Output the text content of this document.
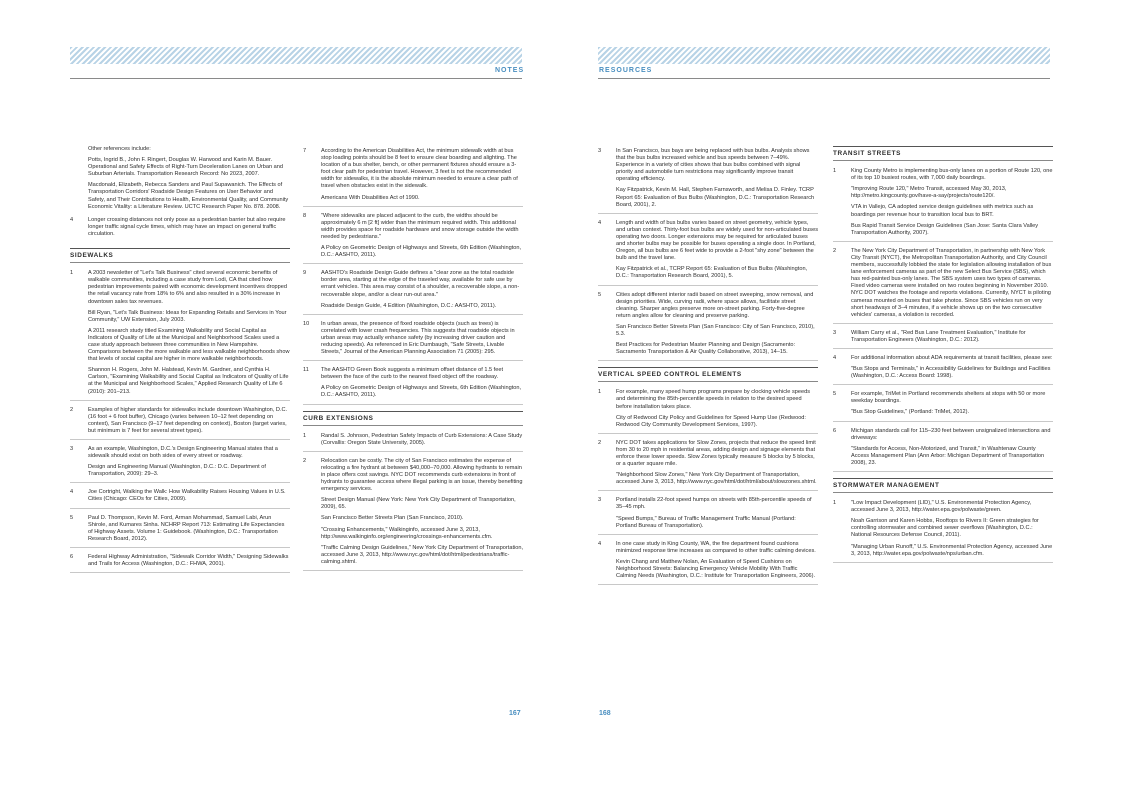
NOTES	RESOURCES

Other references include:

Potts, Ingrid B., John F. Ringert, Douglas W. Harwood and Karin M. Bauer. Operational and Safety Effects of Right-Turn Deceleration Lanes on Urban and Suburban Arterials. Transportation Research Record: No 2023, 2007.

Macdonald, Elizabeth, Rebecca Sanders and Paul Supawanich. The Effects of Transportation Corridors' Roadside Design Features on User Behavior and Safety, and Their Contributions to Health, Environmental Quality, and Community Economic Vitality: a Literature Review. UCTC Research Paper No. 878. 2008.

4	Longer crossing distances not only pose as a pedestrian barrier but also require longer traffic signal cycle times, which may have an impact on general traffic circulation.

SIDEWALKS
1	A 2003 newsletter of "Let's Talk Business" cited several economic benefits of walkable communities, including a case study from Lodi, CA that cited how pedestrian improvements paired with economic development incentives dropped the retail vacancy rate from 18% to 6% and also resulted in a 30% increase in downtown sales tax revenues.

Bill Ryan, "Let's Talk Business: Ideas for Expanding Retails and Services in Your Community," UW Extension, July 2003.

A 2011 research study titled Examining Walkability and Social Capital as Indicators of Quality of Life at the Municipal and Neighborhood Scales used a case study approach between three communities in New Hampshire. Comparisons between the more walkable and less walkable neighborhoods show that levels of social capital are higher in more walkable neighborhoods.

Shannon H. Rogers, John M. Halstead, Kevin M. Gardner, and Cynthia H. Carlson, "Examining Walkability and Social Capital as Indicators of Quality of Life at the Municipal and Neighborhood Scales," Applied Research Quality of Life 6 (2010): 201–213.

2	Examples of higher standards for sidewalks include downtown Washington, D.C. (16 foot + 6 foot buffer), Chicago (varies between 10–12 feet depending on context), San Francisco (9–17 feet depending on context), Boston (target varies, but minimum is 7 feet for several street types).

3	As an example, Washington, D.C.'s Design Engineering Manual states that a sidewalk should exist on both sides of every street or roadway.

Design and Engineering Manual (Washington, D.C.: D.C. Department of Transportation, 2009): 29–3.

4	Joe Cortright, Walking the Walk: How Walkability Raises Housing Values in U.S. Cities (Chicago: CEOs for Cities, 2009).

5	Paul D. Thompson, Kevin M. Ford, Arman Mohammad, Samuel Labi, Arun Shirole, and Kumares Sinha. NCHRP Report 713: Estimating Life Expectancies of Highway Assets. Volume 1: Guidebook. (Washington, D.C.: Transportation Research Board, 2012).

6	Federal Highway Administration, "Sidewalk Corridor Width," Designing Sidewalks and Trails for Access (Washington, D.C.: FHWA, 2001).

7	According to the American Disabilities Act, the minimum sidewalk width at bus stop loading points should be 8 feet to ensure clear boarding and alighting. The location of a bus shelter, bench, or other permanent fixtures should ensure a 3-foot clear path for pedestrian travel. However, 3 feet is not the recommended width for sidewalks, it is the absolute minimum needed to ensure a clear path of travel when obstacles exist in the sidewalk.

Americans With Disabilities Act of 1990.

8	"Where sidewalks are placed adjacent to the curb, the widths should be approximately 6 m [2 ft] wider than the minimum required width. This additional width provides space for roadside hardware and snow storage outside the width needed by pedestrians."

A Policy on Geometric Design of Highways and Streets, 6th Edition (Washington, D.C.: AASHTO, 2011).

9	AASHTO's Roadside Design Guide defines a "clear zone as the total roadside border area, starting at the edge of the traveled way, available for safe use by errant vehicles. This area may consist of a shoulder, a recoverable slope, a non-recoverable slope, and/or a clear run-out area."

Roadside Design Guide, 4 Edition (Washington, D.C.: AASHTO, 2011).

10	In urban areas, the presence of fixed roadside objects (such as trees) is correlated with lower crash frequencies. This suggests that roadside objects in urban areas may actually enhance safety (by increasing driver caution and reducing speeds). As referenced in Eric Dumbaugh, "Safe Streets, Livable Streets," Journal of the American Planning Association 71 (2005): 295.

11	The AASHTO Green Book suggests a minimum offset distance of 1.5 feet between the face of the curb to the nearest fixed object off the roadway.

A Policy on Geometric Design of Highways and Streets, 6th Edition (Washington, D.C.: AASHTO, 2011).

CURB EXTENSIONS
1	Randal S. Johnson, Pedestrian Safety Impacts of Curb Extensions: A Case Study (Corvallis: Oregon State University, 2005).

2	Relocation can be costly. The city of San Francisco estimates the expense of relocating a fire hydrant at between $40,000–70,000. Allowing hydrants to remain in place offers cost savings. NYC DOT recommends curb extensions in front of hydrants to guarantee access where illegal parking is an issue, thereby benefiting emergency services.

Street Design Manual (New York: New York City Department of Transportation, 2009), 65.

San Francisco Better Streets Plan (San Francisco, 2010).

"Crossing Enhancements," Walkinginfo, accessed June 3, 2013, http://www.walkinginfo.org/engineering/crossings-enhancements.cfm.

"Traffic Calming Design Guidelines," New York City Department of Transportation, accessed June 3, 2013, http://www.nyc.gov/html/dot/html/pedestrians/traffic-calming.shtml.

3	In San Francisco, bus bays are being replaced with bus bulbs. Analysis shows that the bus bulbs increased vehicle and bus speeds between 7–49%. Experience in a variety of cities shows that bus bulbs combined with signal priority and automobile turn restrictions may significantly improve transit operating efficiency.

Kay Fitzpatrick, Kevin M. Hall, Stephen Farnsworth, and Melisa D. Finley. TCRP Report 65: Evaluation of Bus Bulbs (Washington, D.C.: Transportation Research Board, 2001), 2.

4	Length and width of bus bulbs varies based on street geometry, vehicle types, and urban context. Thirty-foot bus bulbs are widely used for non-articulated buses operating two doors. Longer extensions may be required for articulated buses and shorter bulbs may be possible for buses operating a single door. In Portland, Oregon, all bus bulbs are 6 feet wide to provide a 2-foot "shy zone" between the bulb and the travel lane.

Kay Fitzpatrick et al., TCRP Report 65: Evaluation of Bus Bulbs (Washington, D.C.: Transportation Research Board, 2001), 5.

5	Cities adopt different interior radii based on street sweeping, snow removal, and design priorities. Wide, curving radii, where space allows, facilitate street cleaning. Sharper angles preserve more on-street parking. Forty-five-degree return angles allow for cleaning and preserve parking.

San Francisco Better Streets Plan (San Francisco: City of San Francisco, 2010), 5.3.

Best Practices for Pedestrian Master Planning and Design (Sacramento: Sacramento Transportation & Air Quality Collaborative, 2013), 14–15.

VERTICAL SPEED CONTROL ELEMENTS
1	For example, many speed hump programs prepare by clocking vehicle speeds and determining the 85th-percentile speeds in relation to the desired speed before installation takes place.

City of Redwood City Policy and Guidelines for Speed Hump Use (Redwood: Redwood City Community Development Services, 1997).

2	NYC DOT takes applications for Slow Zones, projects that reduce the speed limit from 30 to 20 mph in residential areas, adding design and signage elements that enforce these lower speeds. Slow Zones typically measure 5 blocks by 5 blocks, or a quarter square mile.

"Neighborhood Slow Zones," New York City Department of Transportation, accessed June 3, 2013, http://www.nyc.gov/html/dot/html/about/slowzones.shtml.

3	Portland installs 22-foot speed humps on streets with 85th-percentile speeds of 35–45 mph.

"Speed Bumps," Bureau of Traffic Management Traffic Manual (Portland: Portland Bureau of Transportation).

4	In one case study in King County, WA, the fire department found cushions minimized response time increases as compared to other traffic calming devices.

Kevin Chang and Matthew Nolan, An Evaluation of Speed Cushions on Neighborhood Streets: Balancing Emergency Vehicle Mobility With Traffic Calming Needs (Washington, D.C.: Institute for Transportation Engineers, 2006).

TRANSIT STREETS
1	King County Metro is implementing bus-only lanes on a portion of Route 120, one of its top 10 busiest routes, with 7,000 daily boardings.

"Improving Route 120," Metro Transit, accessed May 30, 2013, http://metro.kingcounty.gov/have-a-say/projects/route120/.

VTA in Vallejo, CA adopted service design guidelines with metrics such as boardings per revenue hour to transition local bus to BRT.

Bus Rapid Transit Service Design Guidelines (San Jose: Santa Clara Valley Transportation Authority, 2007).

2	The New York City Department of Transportation, in partnership with New York City Transit (NYCT), the Metropolitan Transportation Authority, and City Council members, successfully lobbied the state for legislation allowing installation of bus lane enforcement cameras as part of the new Select Bus Service (SBS), which has red-painted bus-only lanes. The SBS system uses two types of cameras. Fixed video cameras were installed on two routes beginning in November 2010. NYC DOT watches the footage and reports violations. Currently, NYCT is piloting cameras mounted on buses that take photos. Since SBS vehicles run on very short headways of 3–4 minutes, if a vehicle shows up on the two consecutive vehicles' cameras, a violation is recorded.

3	William Carry et al., "Red Bus Lane Treatment Evaluation," Institute for Transportation Engineers (Washington, D.C.: 2012).

4	For additional information about ADA requirements at transit facilities, please see:

"Bus Stops and Terminals," in Accessibility Guidelines for Buildings and Facilities (Washington, D.C.: Access Board: 1998).

5	For example, TriMet in Portland recommends shelters at stops with 50 or more weekday boardings.

"Bus Stop Guidelines," (Portland: TriMet, 2012).

6	Michigan standards call for 115–230 feet between unsignalized intersections and driveways:

"Standards for Access, Non-Motorized, and Transit," in Washtenaw County Access Management Plan (Ann Arbor: Michigan Department of Transportation 2008), 23.

STORMWATER MANAGEMENT
1	"Low Impact Development (LID)," U.S. Environmental Protection Agency, accessed June 3, 2013, http://water.epa.gov/polwaste/green.

Noah Garrison and Karen Hobbs, Rooftops to Rivers II: Green strategies for controlling stormwater and combined sewer overflows (Washington, D.C.: National Resources Defense Council, 2011).

"Managing Urban Runoff," U.S. Environmental Protection Agency, accessed June 3, 2013, http://water.epa.gov/polwaste/nps/urban.cfm.

167	168
